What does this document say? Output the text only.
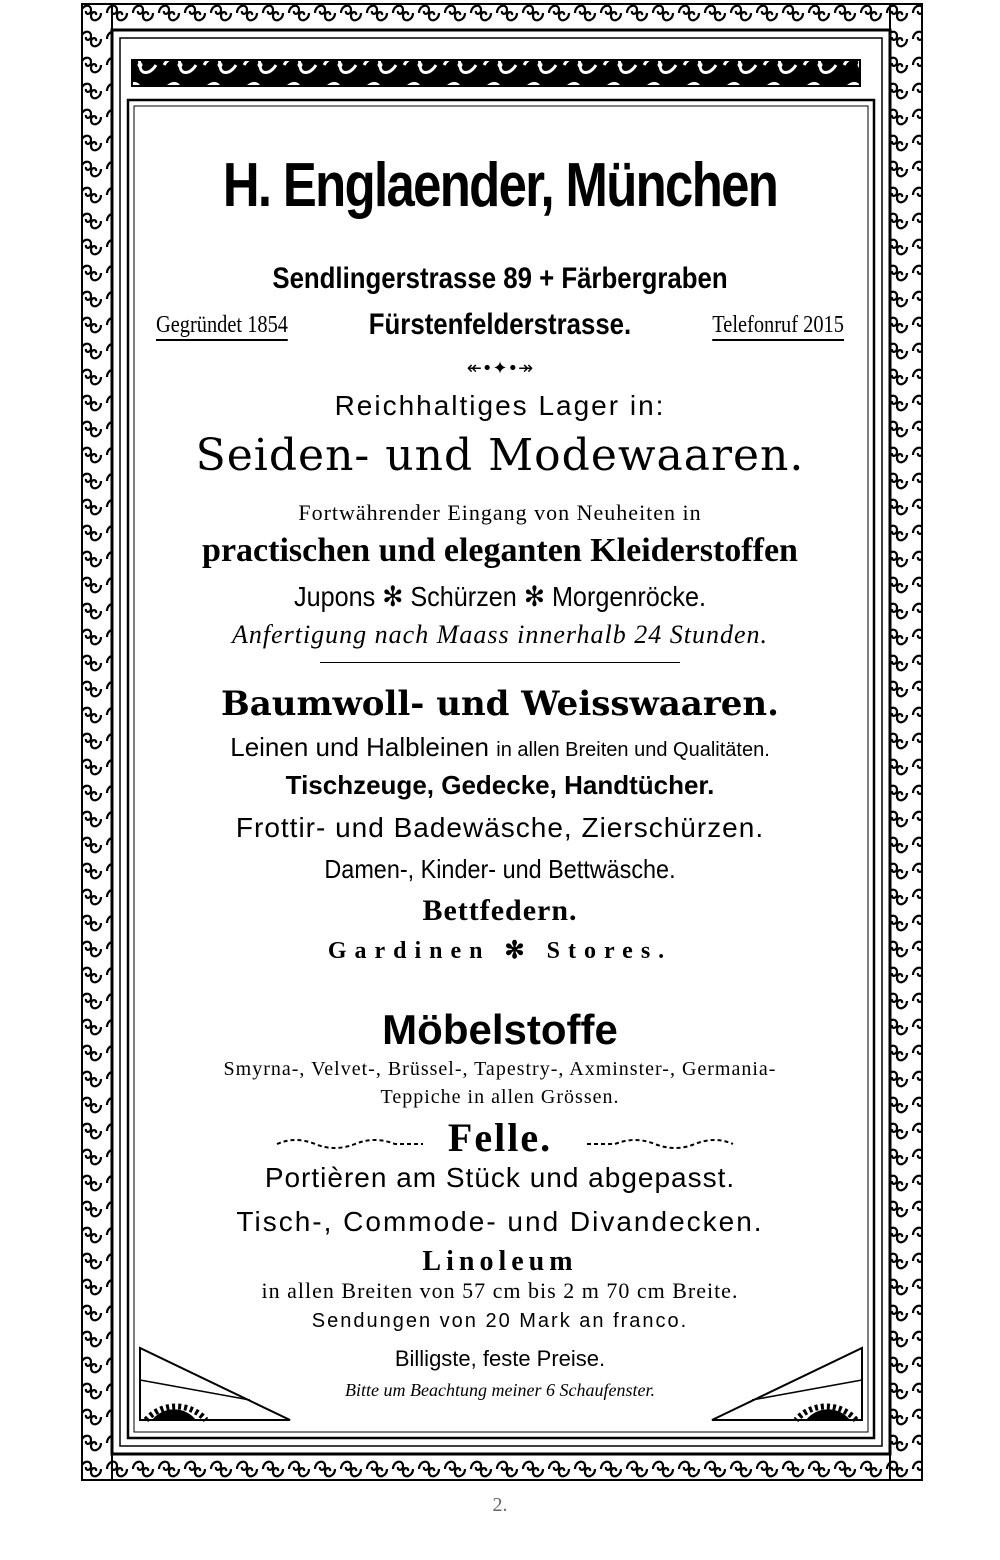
H. Englaender, München
Sendlingerstrasse 89 + Färbergraben
Gegründet 1854	Fürstenfelderstrasse.	Telefonruf 2015
↞•✦•↠
Reichhaltiges Lager in:
Seiden- und Modewaaren.
Fortwährender Eingang von Neuheiten in
practischen und eleganten Kleiderstoffen
Jupons ✻ Schürzen ✻ Morgenröcke.
Anfertigung nach Maass innerhalb 24 Stunden.
Baumwoll- und Weisswaaren.
Leinen und Halbleinen in allen Breiten und Qualitäten.
Tischzeuge, Gedecke, Handtücher.
Frottir- und Badewäsche, Zierschürzen.
Damen-, Kinder- und Bettwäsche.
Bettfedern.
Gardinen ✻ Stores.
Möbelstoffe
Smyrna-, Velvet-, Brüssel-, Tapestry-, Axminster-, Germania-
Teppiche in allen Grössen.
Felle.
Portièren am Stück und abgepasst.
Tisch-, Commode- und Divandecken.
Linoleum
in allen Breiten von 57 cm bis 2 m 70 cm Breite.
Sendungen von 20 Mark an franco.
Billigste, feste Preise.
Bitte um Beachtung meiner 6 Schaufenster.
2.
